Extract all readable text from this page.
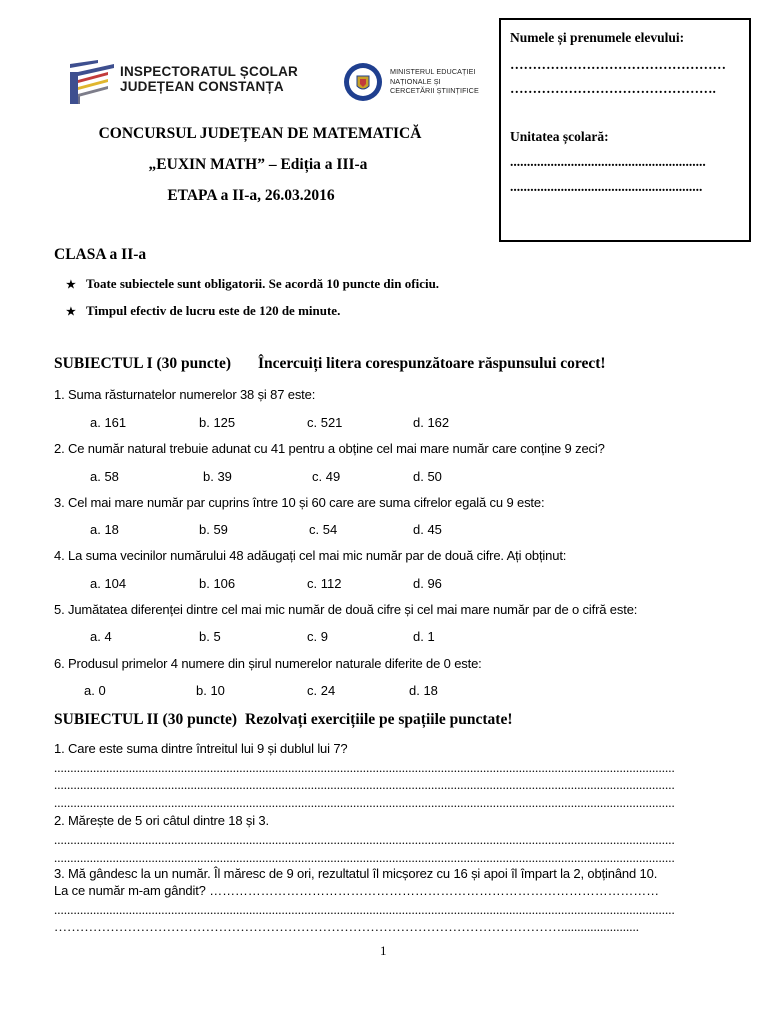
INSPECTORATUL ȘCOLAR
JUDEȚEAN CONSTANȚA
MINISTERUL EDUCAȚIEI
NAȚIONALE ȘI
CERCETĂRII ȘTIINȚIFICE
Numele și prenumele elevului:
…………………………………………
……………………………………….
Unitatea școlară:
..........................................................
.........................................................
CONCURSUL JUDEȚEAN DE MATEMATICĂ
„EUXIN MATH” – Ediția a III-a
ETAPA a II-a, 26.03.2016
CLASA a II-a
★ Toate subiectele sunt obligatorii. Se acordă 10 puncte din oficiu.
★ Timpul efectiv de lucru este de 120 de minute.
SUBIECTUL I (30 puncte) Încercuiți litera corespunzătoare răspunsului corect!
1. Suma răsturnatelor numerelor 38 și 87 este:
a. 161	b. 125	c. 521	d. 162
2. Ce număr natural trebuie adunat cu 41 pentru a obține cel mai mare număr care conține 9 zeci?
a. 58	b. 39	c. 49	d. 50
3. Cel mai mare număr par cuprins între 10 și 60 care are suma cifrelor egală cu 9 este:
a. 18	b. 59	c. 54	d. 45
4. La suma vecinilor numărului 48 adăugați cel mai mic număr par de două cifre. Ați obținut:
a. 104	b. 106	c. 112	d. 96
5. Jumătatea diferenței dintre cel mai mic număr de două cifre și cel mai mare număr par de o cifră este:
a. 4	b. 5	c. 9	d. 1
6. Produsul primelor 4 numere din șirul numerelor naturale diferite de 0 este:
a. 0	b. 10	c. 24	d. 18
SUBIECTUL II (30 puncte) Rezolvați exercițiile pe spațiile punctate!
1. Care este suma dintre întreitul lui 9 și dublul lui 7?
...............................................................................................................................................................................................
...............................................................................................................................................................................................
...............................................................................................................................................................................................
2. Mărește de 5 ori câtul dintre 18 și 3.
...............................................................................................................................................................................................
...............................................................................................................................................................................................
3. Mă gândesc la un număr. Îl măresc de 9 ori, rezultatul îl micșorez cu 16 și apoi îl împart la 2, obținând 10.
La ce număr m-am gândit? ……………………………………………………………………………………………
...............................................................................................................................................................................................
………………………………………………………………………………………………………........................
1
